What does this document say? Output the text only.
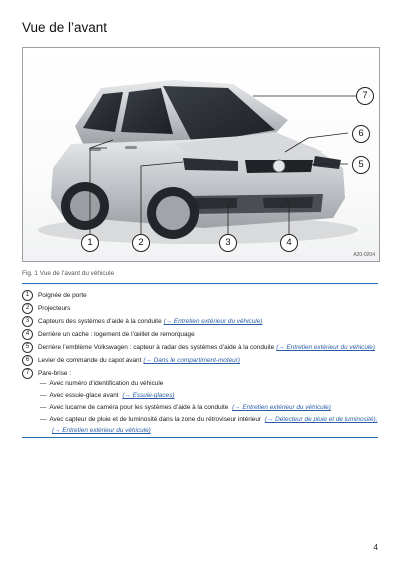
Vue de l’avant
1	2	3	4
5
6
7
A20-0204
Fig. 1 Vue de l’avant du véhicule
1	Poignée de porte
2	Projecteurs
3	Capteurs des systèmes d’aide à la conduite (→ Entretien extérieur du véhicule)
4	Derrière un cache : logement de l’œillet de remorquage
5	Derrière l’emblème Volkswagen : capteur à radar des systèmes d’aide à la conduite (→ Entretien extérieur du véhicule)
6	Levier de commande du capot avant (→ Dans le compartiment-moteur)
7	Pare-brise :
— Avec numéro d’identification du véhicule
— Avec essuie-glace avant (→ Essuie-glaces)
— Avec lucarne de caméra pour les systèmes d’aide à la conduite (→ Entretien extérieur du véhicule)
— Avec capteur de pluie et de luminosité dans la zone du rétroviseur intérieur (→ Détecteur de pluie et de luminosité),
(→ Entretien extérieur du véhicule)
4
